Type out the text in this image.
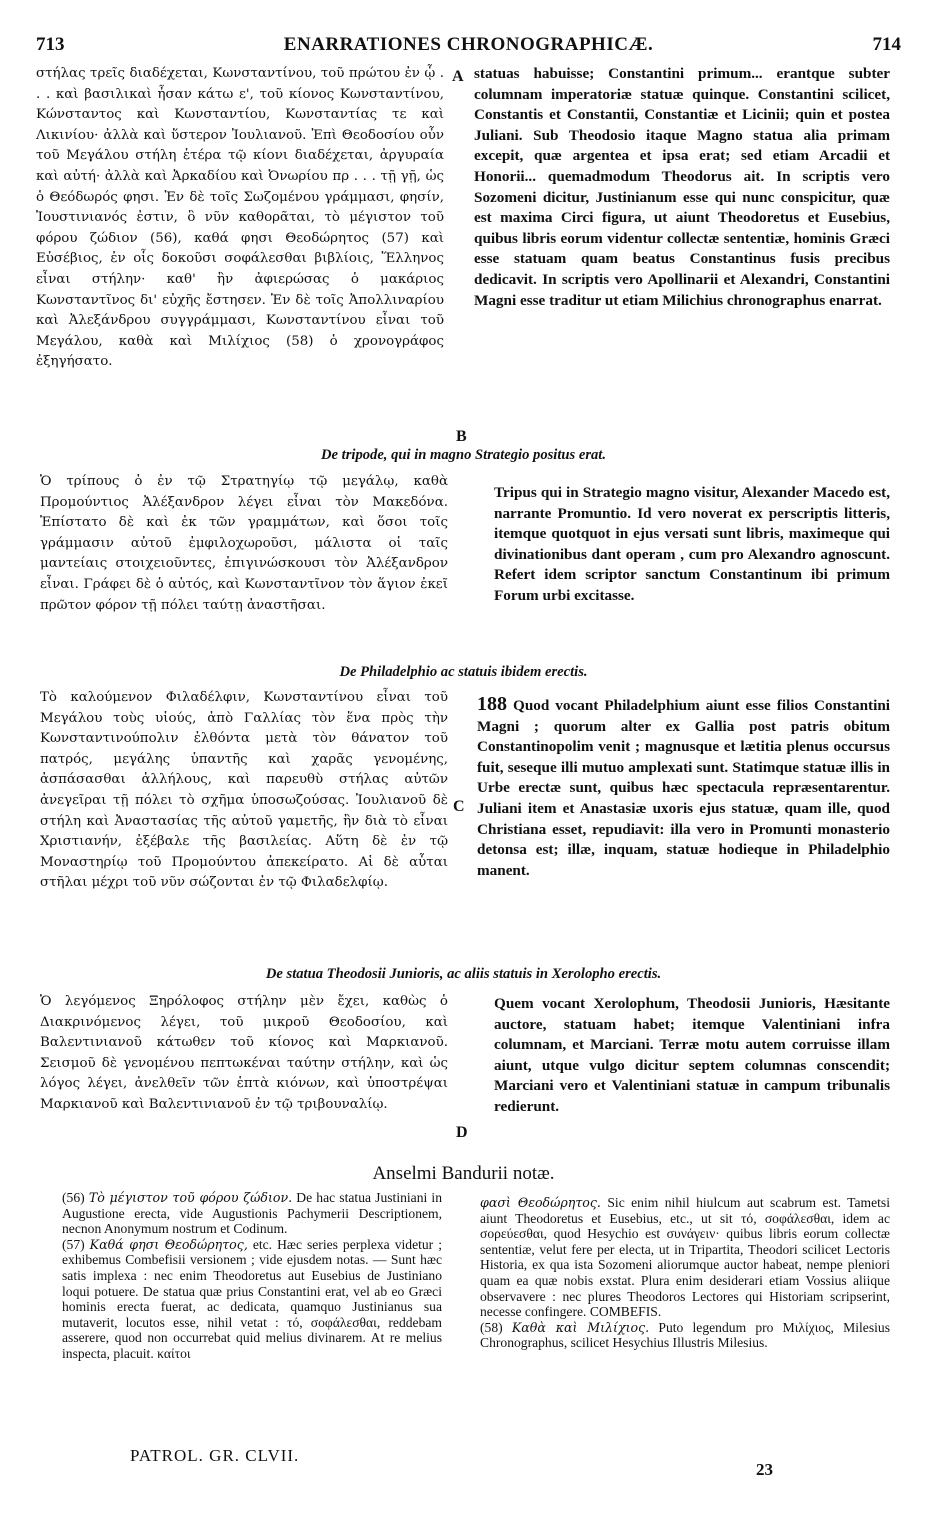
713	ENARRATIONES CHRONOGRAPHICÆ.	714
στήλας τρεῖς διαδέχεται, Κωνσταντίνου, τοῦ πρώτου ἐν ᾧ . . . καὶ βασιλικαὶ ἦσαν κάτω ε', τοῦ κίονος Κωνσταντίνου, Κώνσταντος καὶ Κωνσταντίου, Κωνσταντίας τε καὶ Λικινίου· ἀλλὰ καὶ ὕστερον Ἰουλιανοῦ. Ἐπὶ Θεοδοσίου οὖν τοῦ Μεγάλου στήλη ἑτέρα τῷ κίονι διαδέχεται, ἀργυραία καὶ αὐτή· ἀλλὰ καὶ Ἀρκαδίου καὶ Ὀνωρίου πρ . . . τῇ γῇ, ὡς ὁ Θεόδωρός φησι. Ἐν δὲ τοῖς Σωζομένου γράμμασι, φησίν, Ἰουστινιανός ἐστιν, ὃ νῦν καθορᾶται, τὸ μέγιστον τοῦ φόρου ζώδιον (56), καθά φησι Θεοδώρητος (57) καὶ Εὐσέβιος, ἐν οἷς δοκοῦσι σοφάλεσθαι βιβλίοις, Ἕλληνος εἶναι στήλην· καθ' ἣν ἀφιερώσας ὁ μακάριος Κωνσταντῖνος δι' εὐχῆς ἔστησεν. Ἐν δὲ τοῖς Ἀπολλιναρίου καὶ Ἀλεξάνδρου συγγράμμασι, Κωνσταντίνου εἶναι τοῦ Μεγάλου, καθὰ καὶ Μιλίχιος (58) ὁ χρονογράφος ἐξηγήσατο.
statuas habuisse; Constantini primum... erantque subter columnam imperatoriæ statuæ quinque. Constantini scilicet, Constantis et Constantii, Constantiæ et Licinii; quin et postea Juliani. Sub Theodosio itaque Magno statua alia primam excepit, quæ argentea et ipsa erat; sed etiam Arcadii et Honorii... quemadmodum Theodorus ait. In scriptis vero Sozomeni dicitur, Justinianum esse qui nunc conspicitur, quæ est maxima Circi figura, ut aiunt Theodoretus et Eusebius, quibus libris eorum videntur collectæ sententiæ, hominis Græci esse statuam quam beatus Constantinus fusis precibus dedicavit. In scriptis vero Apollinarii et Alexandri, Constantini Magni esse traditur ut etiam Milichius chronographus enarrat.
A
B
De tripode, qui in magno Strategio positus erat.
Ὁ τρίπους ὁ ἐν τῷ Στρατηγίῳ τῷ μεγάλῳ, καθὰ Προμούντιος Ἀλέξανδρον λέγει εἶναι τὸν Μακεδόνα. Ἐπίστατο δὲ καὶ ἐκ τῶν γραμμάτων, καὶ ὅσοι τοῖς γράμμασιν αὐτοῦ ἐμφιλοχωροῦσι, μάλιστα οἱ ταῖς μαντείαις στοιχειοῦντες, ἐπιγινώσκουσι τὸν Ἀλέξανδρον εἶναι. Γράφει δὲ ὁ αὐτός, καὶ Κωνσταντῖνον τὸν ἅγιον ἐκεῖ πρῶτον φόρον τῇ πόλει ταύτῃ ἀναστῆσαι.
Tripus qui in Strategio magno visitur, Alexander Macedo est, narrante Promuntio. Id vero noverat ex perscriptis litteris, itemque quotquot in ejus versati sunt libris, maximeque qui divinationibus dant operam , cum pro Alexandro agnoscunt. Refert idem scriptor sanctum Constantinum ibi primum Forum urbi excitasse.
De Philadelphio ac statuis ibidem erectis.
Τὸ καλούμενον Φιλαδέλφιν, Κωνσταντίνου εἶναι τοῦ Μεγάλου τοὺς υἱούς, ἀπὸ Γαλλίας τὸν ἕνα πρὸς τὴν Κωνσταντινούπολιν ἐλθόντα μετὰ τὸν θάνατον τοῦ πατρός, μεγάλης ὑπαντῆς καὶ χαρᾶς γενομένης, ἀσπάσασθαι ἀλλήλους, καὶ παρευθὺ στήλας αὐτῶν ἀνεγεῖραι τῇ πόλει τὸ σχῆμα ὑποσωζούσας. Ἰουλιανοῦ δὲ στήλη καὶ Ἀναστασίας τῆς αὐτοῦ γαμετῆς, ἣν διὰ τὸ εἶναι Χριστιανήν, ἐξέβαλε τῆς βασιλείας. Αὕτη δὲ ἐν τῷ Μοναστηρίῳ τοῦ Προμούντου ἀπεκείρατο. Αἱ δὲ αὗται στῆλαι μέχρι τοῦ νῦν σώζονται ἐν τῷ Φιλαδελφίῳ.
188 Quod vocant Philadelphium aiunt esse filios Constantini Magni ; quorum alter ex Gallia post patris obitum Constantinopolim venit ; magnusque et lætitia plenus occursus fuit, seseque illi mutuo amplexati sunt. Statimque statuæ illis in Urbe erectæ sunt, quibus hæc spectacula repræsentarentur. Juliani item et Anastasiæ uxoris ejus statuæ, quam ille, quod Christiana esset, repudiavit: illa vero in Promunti monasterio detonsa est; illæ, inquam, statuæ hodieque in Philadelphio manent.
C
De statua Theodosii Junioris, ac aliis statuis in Xerolopho erectis.
Ὁ λεγόμενος Ξηρόλοφος στήλην μὲν ἔχει, καθὼς ὁ Διακρινόμενος λέγει, τοῦ μικροῦ Θεοδοσίου, καὶ Βαλεντινιανοῦ κάτωθεν τοῦ κίονος καὶ Μαρκιανοῦ. Σεισμοῦ δὲ γενομένου πεπτωκέναι ταύτην στήλην, καὶ ὡς λόγος λέγει, ἀνελθεῖν τῶν ἑπτὰ κιόνων, καὶ ὑποστρέψαι Μαρκιανοῦ καὶ Βαλεντινιανοῦ ἐν τῷ τριβουναλίῳ.
Quem vocant Xerolophum, Theodosii Junioris, Hæsitante auctore, statuam habet; itemque Valentiniani infra columnam, et Marciani. Terræ motu autem corruisse illam aiunt, utque vulgo dicitur septem columnas conscendit; Marciani vero et Valentiniani statuæ in campum tribunalis redierunt.
D
Anselmi Bandurii notæ.
(56) Τὸ μέγιστον τοῦ φόρου ζώδιον. De hac statua Justiniani in Augustione erecta, vide Augustionis Pachymerii Descriptionem, necnon Anonymum nostrum et Codinum.
(57) Καθά φησι Θεοδώρητος, etc. Hæc series perplexa videtur ; exhibemus Combefisii versionem ; vide ejusdem notas. — Sunt hæc satis implexa : nec enim Theodoretus aut Eusebius de Justiniano loqui potuere. De statua quæ prius Constantini erat, vel ab eo Græci hominis erecta fuerat, ac dedicata, quamquo Justinianus sua mutaverit, locutos esse, nihil vetat : τό, σοφάλεσθαι, reddebam asserere, quod non occurrebat quid melius divinarem. At re melius inspecta, placuit. καίτοι
φασὶ Θεοδώρητος. Sic enim nihil hiulcum aut scabrum est. Tametsi aiunt Theodoretus et Eusebius, etc., ut sit τό, σοφάλεσθαι, idem ac σορεύεσθαι, quod Hesychio est συνάγειν· quibus libris eorum collectæ sententiæ, velut fere per electa, ut in Tripartita, Theodori scilicet Lectoris Historia, ex qua ista Sozomeni aliorumque auctor habeat, nempe pleniori quam ea quæ nobis exstat. Plura enim desiderari etiam Vossius aliique observavere : nec plures Theodoros Lectores qui Historiam scripserint, necesse confingere. COMBEFIS.
(58) Καθὰ καὶ Μιλίχιος. Puto legendum pro Μιλίχιος, Milesius Chronographus, scilicet Hesychius Illustris Milesius.
PATROL. GR. CLVII.
23
